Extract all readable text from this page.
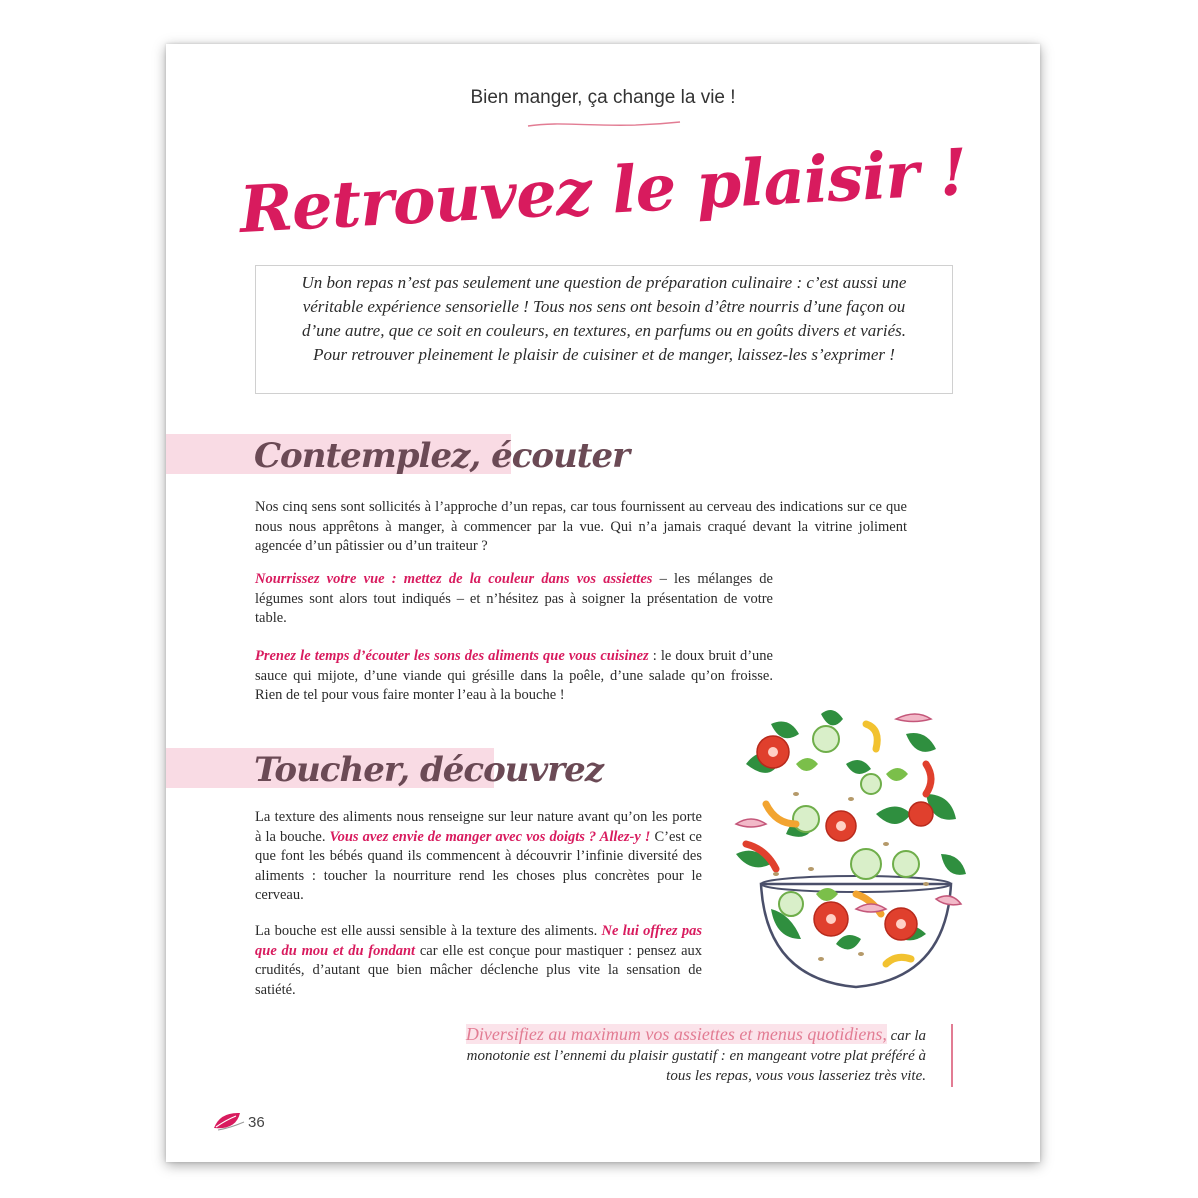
Bien manger, ça change la vie !
Retrouvez le plaisir !
Un bon repas n’est pas seulement une question de préparation culinaire : c’est aussi une véritable expérience sensorielle ! Tous nos sens ont besoin d’être nourris d’une façon ou d’une autre, que ce soit en couleurs, en textures, en parfums ou en goûts divers et variés. Pour retrouver pleinement le plaisir de cuisiner et de manger, laissez-les s’exprimer !
Contemplez, écouter
Nos cinq sens sont sollicités à l’approche d’un repas, car tous fournissent au cerveau des indications sur ce que nous nous apprêtons à manger, à commencer par la vue. Qui n’a jamais craqué devant la vitrine joliment agencée d’un pâtissier ou d’un traiteur ?
Nourrissez votre vue : mettez de la couleur dans vos assiettes – les mélanges de légumes sont alors tout indiqués – et n’hésitez pas à soigner la présentation de votre table.
Prenez le temps d’écouter les sons des aliments que vous cuisinez : le doux bruit d’une sauce qui mijote, d’une viande qui grésille dans la poêle, d’une salade qu’on froisse. Rien de tel pour vous faire monter l’eau à la bouche !
Toucher, découvrez
La texture des aliments nous renseigne sur leur nature avant qu’on les porte à la bouche. Vous avez envie de manger avec vos doigts ? Allez-y ! C’est ce que font les bébés quand ils commencent à découvrir l’infinie diversité des aliments : toucher la nourriture rend les choses plus concrètes pour le cerveau.
La bouche est elle aussi sensible à la texture des aliments. Ne lui offrez pas que du mou et du fondant car elle est conçue pour mastiquer : pensez aux crudités, d’autant que bien mâcher déclenche plus vite la sensation de satiété.
Diversifiez au maximum vos assiettes et menus quotidiens, car la monotonie est l’ennemi du plaisir gustatif : en mangeant votre plat préféré à tous les repas, vous vous lasseriez très vite.
36
